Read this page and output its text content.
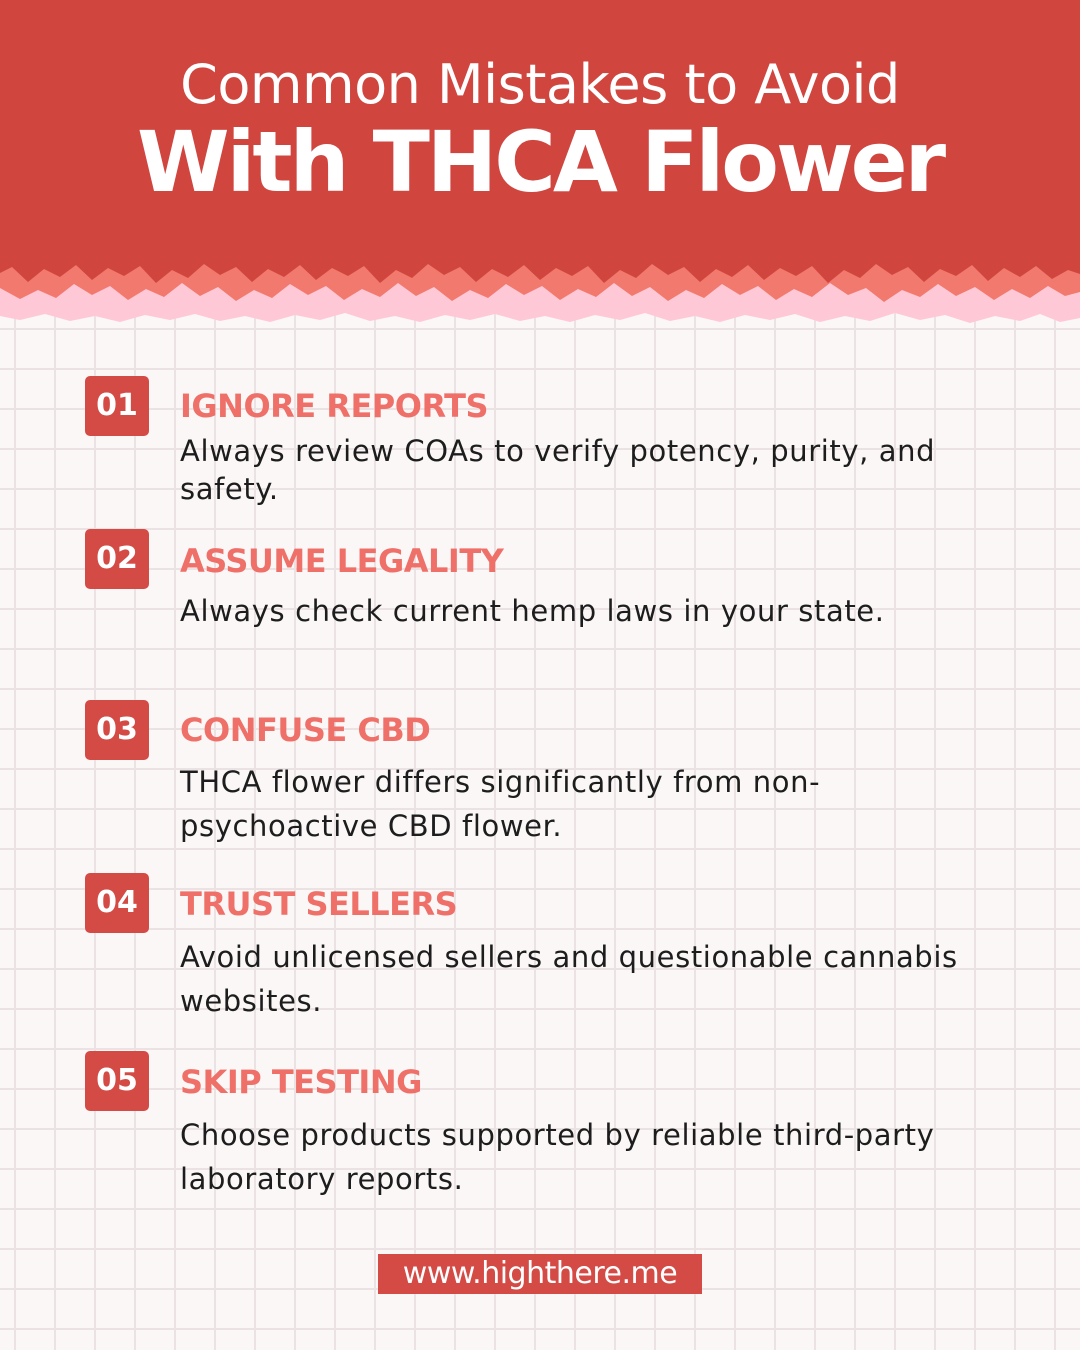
Common Mistakes to Avoid
With THCA Flower
01	IGNORE REPORTS
Always review COAs to verify potency, purity, and safety.
02	ASSUME LEGALITY
Always check current hemp laws in your state.
03	CONFUSE CBD
THCA flower differs significantly from non-psychoactive CBD flower.
04	TRUST SELLERS
Avoid unlicensed sellers and questionable cannabis websites.
05	SKIP TESTING
Choose products supported by reliable third-party laboratory reports.
www.highthere.me
